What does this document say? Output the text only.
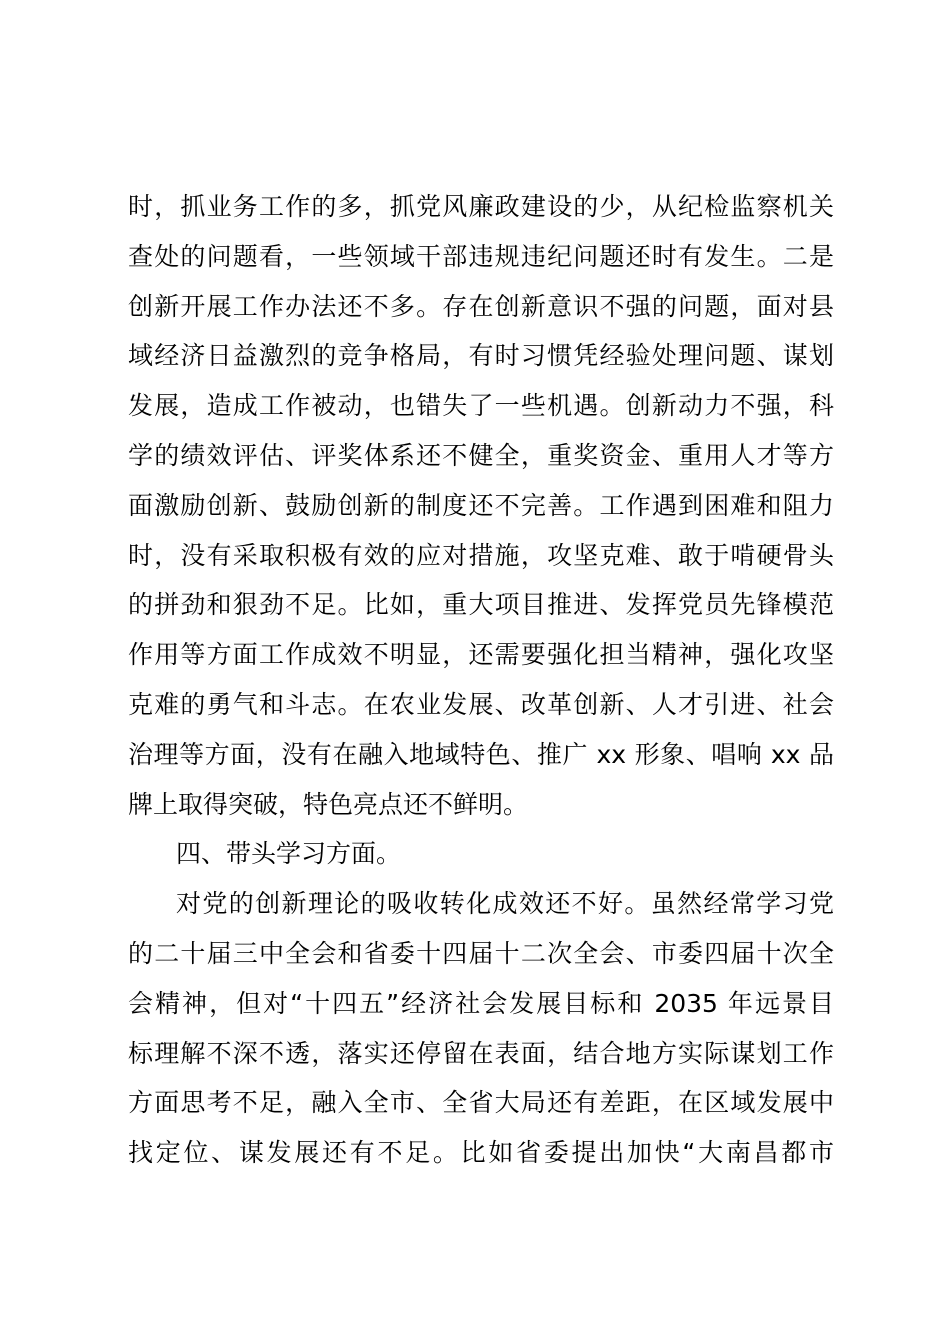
时，抓业务工作的多，抓党风廉政建设的少，从纪检监察机关
查处的问题看，一些领域干部违规违纪问题还时有发生。二是
创新开展工作办法还不多。存在创新意识不强的问题，面对县
域经济日益激烈的竞争格局，有时习惯凭经验处理问题、谋划
发展，造成工作被动，也错失了一些机遇。创新动力不强，科
学的绩效评估、评奖体系还不健全，重奖资金、重用人才等方
面激励创新、鼓励创新的制度还不完善。工作遇到困难和阻力
时，没有采取积极有效的应对措施，攻坚克难、敢于啃硬骨头
的拼劲和狠劲不足。比如，重大项目推进、发挥党员先锋模范
作用等方面工作成效不明显，还需要强化担当精神，强化攻坚
克难的勇气和斗志。在农业发展、改革创新、人才引进、社会
治理等方面，没有在融入地域特色、推广 xx 形象、唱响 xx 品
牌上取得突破，特色亮点还不鲜明。
四、带头学习方面。
对党的创新理论的吸收转化成效还不好。虽然经常学习党
的二十届三中全会和省委十四届十二次全会、市委四届十次全
会精神，但对“十四五”经济社会发展目标和 2035 年远景目
标理解不深不透，落实还停留在表面，结合地方实际谋划工作
方面思考不足，融入全市、全省大局还有差距，在区域发展中
找定位、谋发展还有不足。比如省委提出加快“大南昌都市
